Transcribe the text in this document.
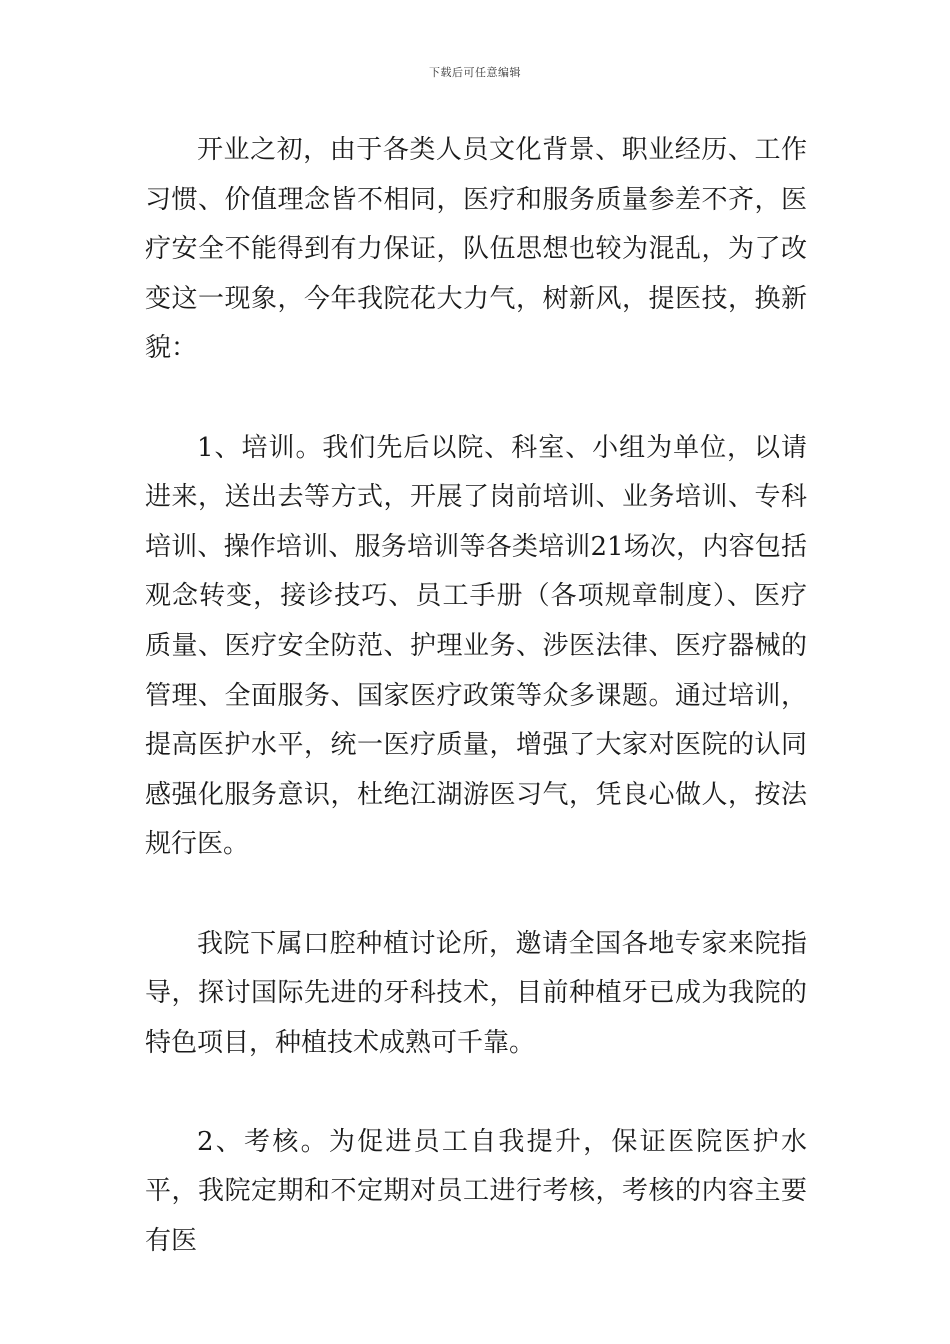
下载后可任意编辑

开业之初，由于各类人员文化背景、职业经历、工作习惯、价值理念皆不相同，医疗和服务质量参差不齐，医疗安全不能得到有力保证，队伍思想也较为混乱，为了改变这一现象，今年我院花大力气，树新风，提医技，换新貌：

1、培训。我们先后以院、科室、小组为单位，以请进来，送出去等方式，开展了岗前培训、业务培训、专科培训、操作培训、服务培训等各类培训21场次，内容包括观念转变，接诊技巧、员工手册（各项规章制度）、医疗质量、医疗安全防范、护理业务、涉医法律、医疗器械的管理、全面服务、国家医疗政策等众多课题。通过培训，提高医护水平，统一医疗质量，增强了大家对医院的认同感强化服务意识，杜绝江湖游医习气，凭良心做人，按法规行医。

我院下属口腔种植讨论所，邀请全国各地专家来院指导，探讨国际先进的牙科技术，目前种植牙已成为我院的特色项目，种植技术成熟可千靠。

2、考核。为促进员工自我提升，保证医院医护水平，我院定期和不定期对员工进行考核，考核的内容主要有医
